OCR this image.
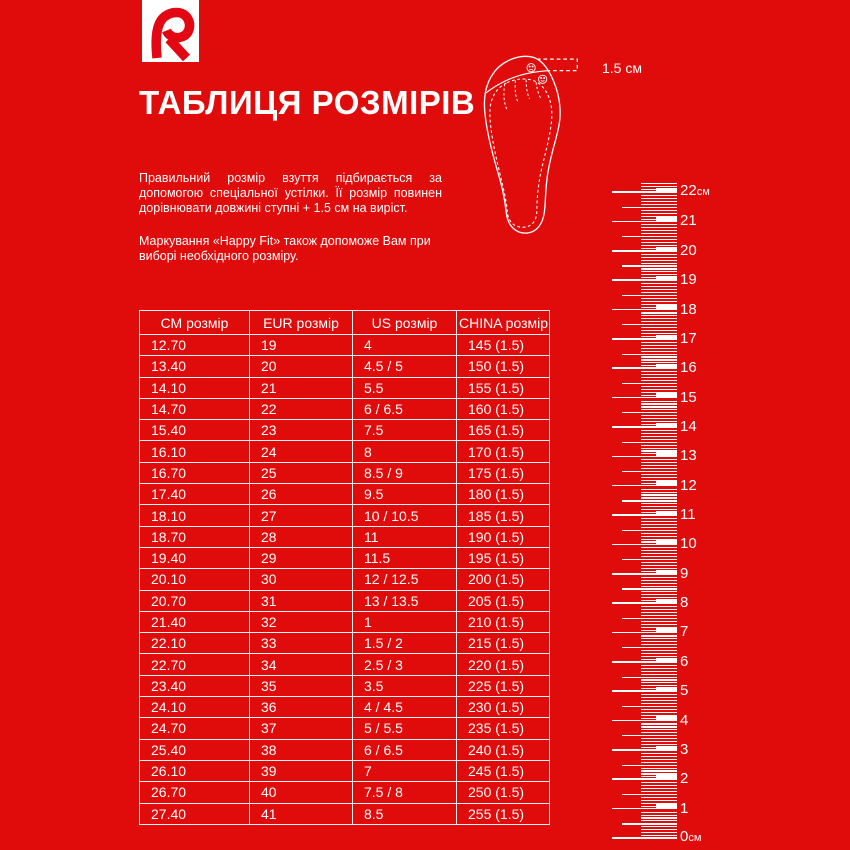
ТАБЛИЦЯ РОЗМІРІВ

Правильний розмір взуття підбирається за допомогою спеціальної устілки. Її розмір повинен дорівнювати довжині ступні + 1.5 см на виріст.

Маркування «Happy Fit» також допоможе Вам при виборі необхідного розміру.

1.5 см
СМ розмір	EUR розмір	US розмір	CHINA розмір
12.70	19	4	145 (1.5)
13.40	20	4.5 / 5	150 (1.5)
14.10	21	5.5	155 (1.5)
14.70	22	6 / 6.5	160 (1.5)
15.40	23	7.5	165 (1.5)
16.10	24	8	170 (1.5)
16.70	25	8.5 / 9	175 (1.5)
17.40	26	9.5	180 (1.5)
18.10	27	10 / 10.5	185 (1.5)
18.70	28	11	190 (1.5)
19.40	29	11.5	195 (1.5)
20.10	30	12 / 12.5	200 (1.5)
20.70	31	13 / 13.5	205 (1.5)
21.40	32	1	210 (1.5)
22.10	33	1.5 / 2	215 (1.5)
22.70	34	2.5 / 3	220 (1.5)
23.40	35	3.5	225 (1.5)
24.10	36	4 / 4.5	230 (1.5)
24.70	37	5 / 5.5	235 (1.5)
25.40	38	6 / 6.5	240 (1.5)
26.10	39	7	245 (1.5)
26.70	40	7.5 / 8	250 (1.5)
27.40	41	8.5	255 (1.5)
0см
1
2
3
4
5
6
7
8
9
10
11
12
13
14
15
16
17
18
19
20
21
22см
